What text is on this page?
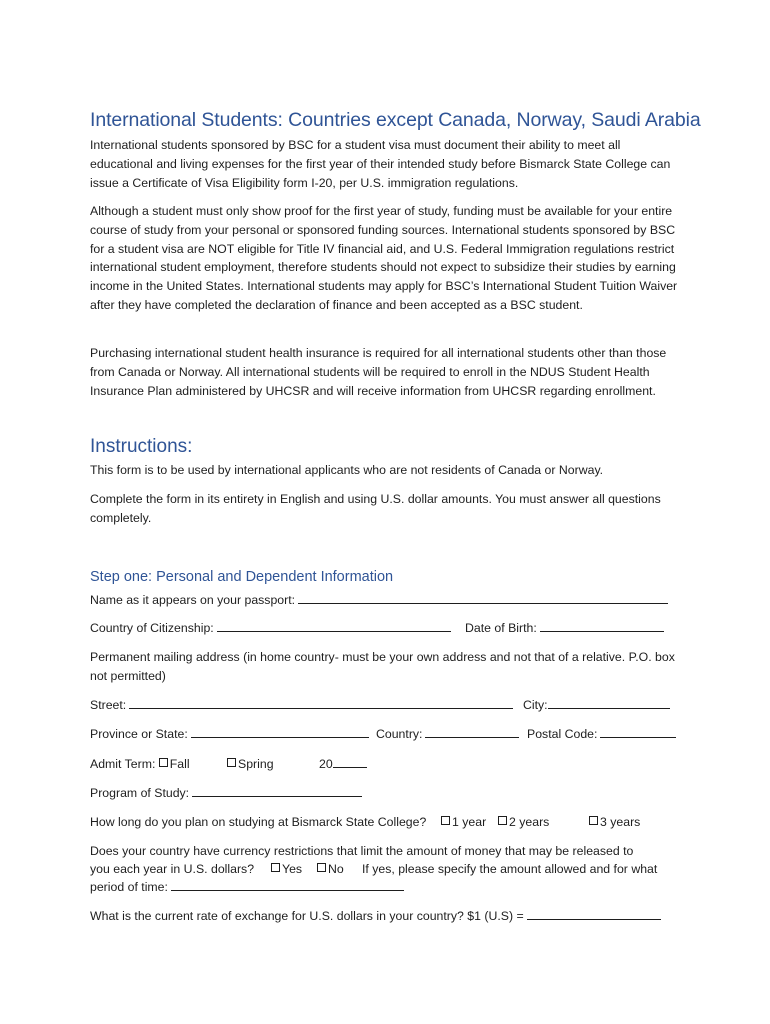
International Students: Countries except Canada, Norway, Saudi Arabia
International students sponsored by BSC for a student visa must document their ability to meet all educational and living expenses for the first year of their intended study before Bismarck State College can issue a Certificate of Visa Eligibility form I-20, per U.S. immigration regulations.
Although a student must only show proof for the first year of study, funding must be available for your entire course of study from your personal or sponsored funding sources. International students sponsored by BSC for a student visa are NOT eligible for Title IV financial aid, and U.S. Federal Immigration regulations restrict international student employment, therefore students should not expect to subsidize their studies by earning income in the United States. International students may apply for BSC’s International Student Tuition Waiver after they have completed the declaration of finance and been accepted as a BSC student.
Purchasing international student health insurance is required for all international students other than those from Canada or Norway. All international students will be required to enroll in the NDUS Student Health Insurance Plan administered by UHCSR and will receive information from UHCSR regarding enrollment.
Instructions:
This form is to be used by international applicants who are not residents of Canada or Norway.
Complete the form in its entirety in English and using U.S. dollar amounts. You must answer all questions completely.
Step one: Personal and Dependent Information
Name as it appears on your passport:
Country of Citizenship:	Date of Birth:
Permanent mailing address (in home country- must be your own address and not that of a relative. P.O. box not permitted)
Street:	City:
Province or State:	Country:	Postal Code:
Admit Term: Fall	Spring	20
Program of Study:
How long do you plan on studying at Bismarck State College?	1 year	2 years	3 years
Does your country have currency restrictions that limit the amount of money that may be released to
you each year in U.S. dollars?	Yes	No If yes, please specify the amount allowed and for what
period of time:
What is the current rate of exchange for U.S. dollars in your country? $1 (U.S) =
